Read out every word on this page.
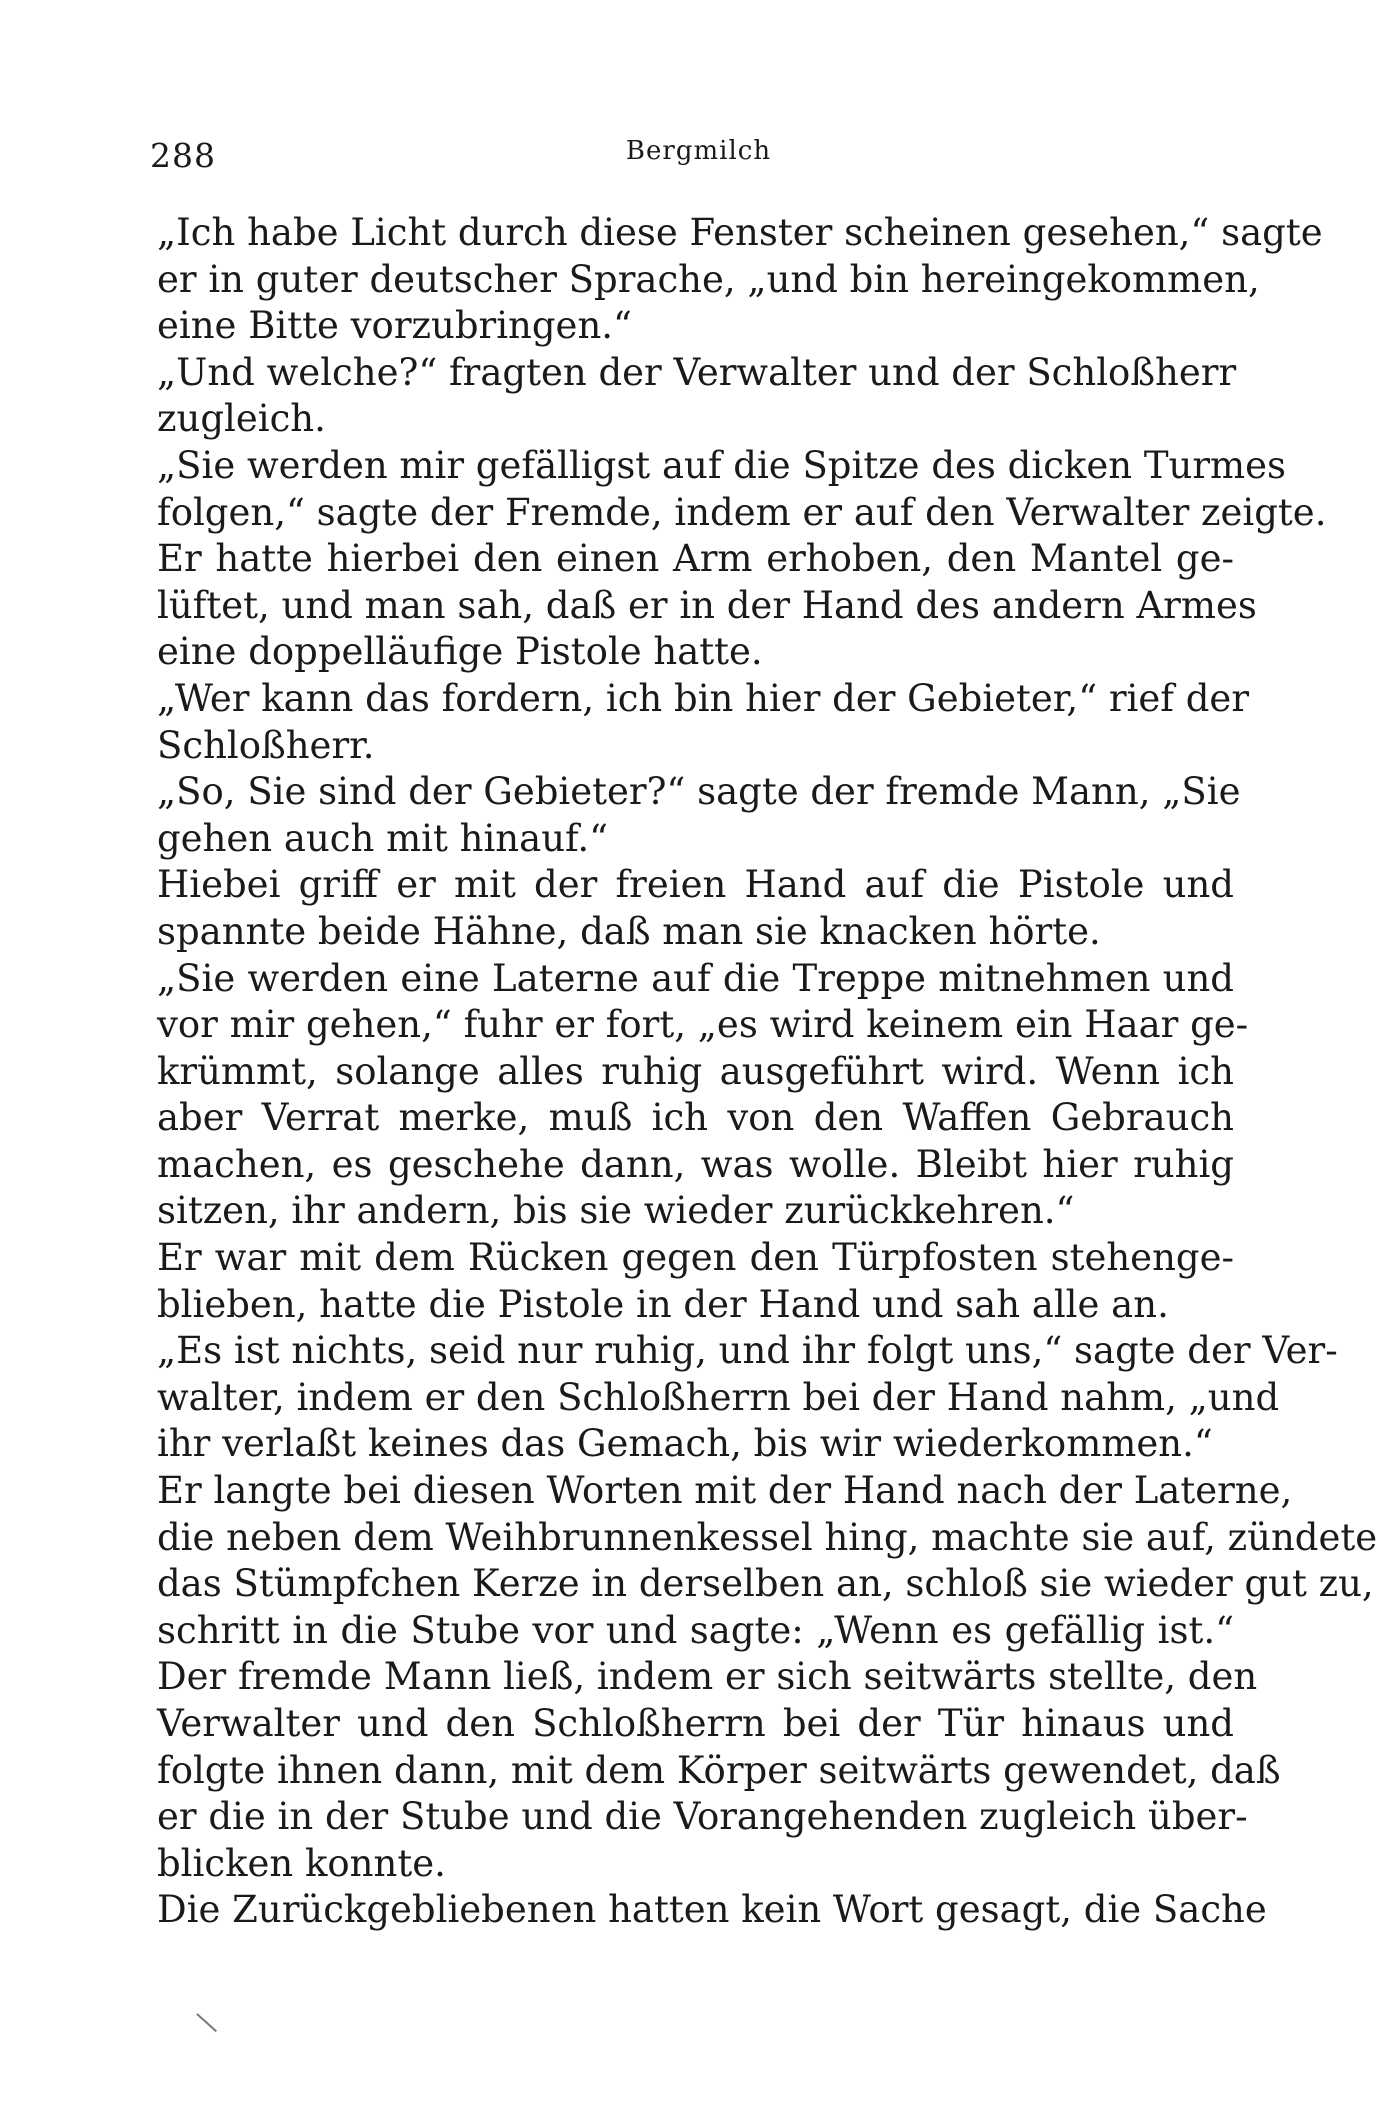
288	Bergmilch
„Ich habe Licht durch diese Fenster scheinen gesehen,“ sagte
er in guter deutscher Sprache, „und bin hereingekommen,
eine Bitte vorzubringen.“
„Und welche?“ fragten der Verwalter und der Schloßherr
zugleich.
„Sie werden mir gefälligst auf die Spitze des dicken Turmes
folgen,“ sagte der Fremde, indem er auf den Verwalter zeigte.
Er hatte hierbei den einen Arm erhoben, den Mantel ge-
lüftet, und man sah, daß er in der Hand des andern Armes
eine doppelläufige Pistole hatte.
„Wer kann das fordern, ich bin hier der Gebieter,“ rief der
Schloßherr.
„So, Sie sind der Gebieter?“ sagte der fremde Mann, „Sie
gehen auch mit hinauf.“
Hiebei griff er mit der freien Hand auf die Pistole und
spannte beide Hähne, daß man sie knacken hörte.
„Sie werden eine Laterne auf die Treppe mitnehmen und
vor mir gehen,“ fuhr er fort, „es wird keinem ein Haar ge-
krümmt, solange alles ruhig ausgeführt wird. Wenn ich
aber Verrat merke, muß ich von den Waffen Gebrauch
machen, es geschehe dann, was wolle. Bleibt hier ruhig
sitzen, ihr andern, bis sie wieder zurückkehren.“
Er war mit dem Rücken gegen den Türpfosten stehenge-
blieben, hatte die Pistole in der Hand und sah alle an.
„Es ist nichts, seid nur ruhig, und ihr folgt uns,“ sagte der Ver-
walter, indem er den Schloßherrn bei der Hand nahm, „und
ihr verlaßt keines das Gemach, bis wir wiederkommen.“
Er langte bei diesen Worten mit der Hand nach der Laterne,
die neben dem Weihbrunnenkessel hing, machte sie auf, zündete
das Stümpfchen Kerze in derselben an, schloß sie wieder gut zu,
schritt in die Stube vor und sagte: „Wenn es gefällig ist.“
Der fremde Mann ließ, indem er sich seitwärts stellte, den
Verwalter und den Schloßherrn bei der Tür hinaus und
folgte ihnen dann, mit dem Körper seitwärts gewendet, daß
er die in der Stube und die Vorangehenden zugleich über-
blicken konnte.
Die Zurückgebliebenen hatten kein Wort gesagt, die Sache
